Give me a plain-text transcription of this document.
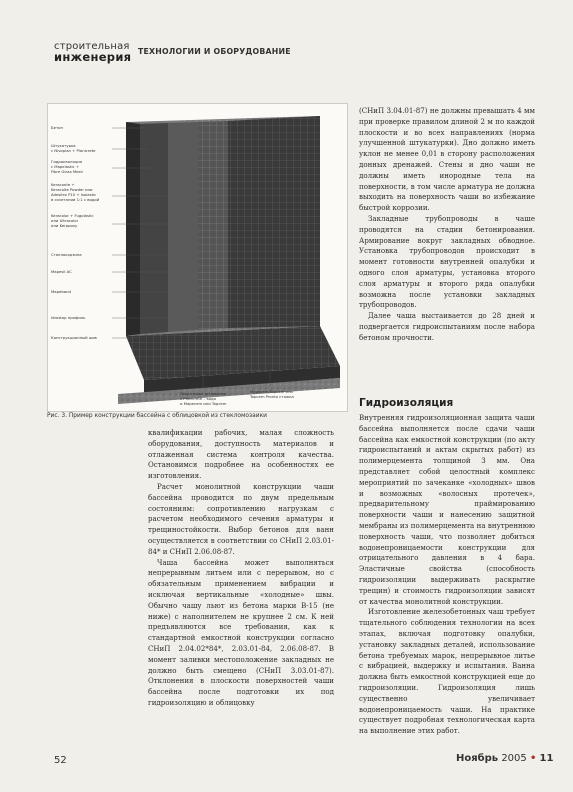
строительная
инженерия ТЕХНОЛОГИИ И ОБОРУДОВАНИЕ
Бетон
Штукатурка
с Nivoplan + Planicrete
Гидроизоляция
с Mapelastic +
Fibre Glass Mesh
Keraconte +
Keracolte Powder или
Adesilex P10 + Isolastic
в сочетании 1:1 с водой
Keracolor + Fugolastic
или Ultracolor
или Kerapoxy
Стеклокорзина
Mapesil AC
Mapeband
Idrostop профиль
Конструкционный шов
Подготовка основания
с Planicrete – вода
и Mapecem или Topcem
Mapecem/Topcem или
Topcem Pronto стяжка
Рис. 3. Пример конструкции бассейна с облицовкой из стекломозаики

(СНиП 3.04.01-87) не должны превышать 4 мм при проверке правилом длиной 2 м по каждой плоскости и во всех направлениях (норма улучшенной штукатурки). Дно должно иметь уклон не менее 0,01 в сторону расположения донных дренажей. Стены и дно чаши не должны иметь инородные тела на поверхности, в том числе арматура не должна выходить на поверхность чаши во избежание быстрой коррозии.

Закладные трубопроводы в чаше проводятся на стадии бетонирования. Армирование вокруг закладных обводное. Установка трубопроводов происходит в момент готовности внутренней опалубки и одного слоя арматуры, установка второго слоя арматуры и второго ряда опалубки возможна после установки закладных трубопроводов.

Далее чаша выстаивается до 28 дней и подвергается гидроиспытаниям после набора бетоном прочности.

Гидроизоляция

Внутренняя гидроизоляционная защита чаши бассейна выполняется после сдачи чаши бассейна как емкостной конструкции (по акту гидроиспытаний и актам скрытых работ) из полимерцемента толщиной 3 мм. Она представляет собой целостный комплекс мероприятий по зачеканке «холодных» швов и возможных «волосных протечек», предварительному праймированию поверхности чаши и нанесению защитной мембраны из полимерцемента на внутреннюю поверхность чаши, что позволяет добиться водонепроницаемости конструкции для отрицательного давления в 4 бара. Эластичные свойства (способность гидроизоляции выдерживать раскрытие трещин) и стоимость гидроизоляции зависят от качества монолитной конструкции.

Изготовление железобетонных чаш требует тщательного соблюдения технологии на всех этапах, включая подготовку опалубки, установку закладных деталей, использование бетона требуемых марок, непрерывное литье с вибрацией, выдержку и испытания. Ванна должна быть емкостной конструкцией еще до гидроизоляции. Гидроизоляция лишь существенно увеличивает водонепроницаемость чаши. На практике существует подробная технологическая карта на выполнение этих работ.

квалификации рабочих, малая сложность оборудования, доступность материалов и отлаженная система контроля качества. Остановимся подробнее на особенностях ее изготовления.

Расчет монолитной конструкции чаши бассейна проводится по двум предельным состояниям: сопротивлению нагрузкам с расчетом необходимого сечения арматуры и трещиностойкости. Выбор бетонов для ванн осуществляется в соответствии со СНиП 2.03.01-84* и СНиП 2.06.08-87.

Чаша бассейна может выполняться непрерывным литьем или с перерывом, но с обязательным применением вибрации и исключая вертикальные «холодные» швы. Обычно чашу льют из бетона марки В-15 (не ниже) с наполнителем не крупнее 2 см. К ней предъявляются все требования, как к стандартной емкостной конструкции согласно СНиП 2.04.02*84*, 2.03.01-84, 2.06.08-87. В момент заливки местоположение закладных не должно быть смещено (СНиП 3.03.01-87). Отклонения в плоскости поверхностей чаши бассейна после подготовки их под гидроизоляцию и облицовку

52	Ноябрь 2005 • 11
